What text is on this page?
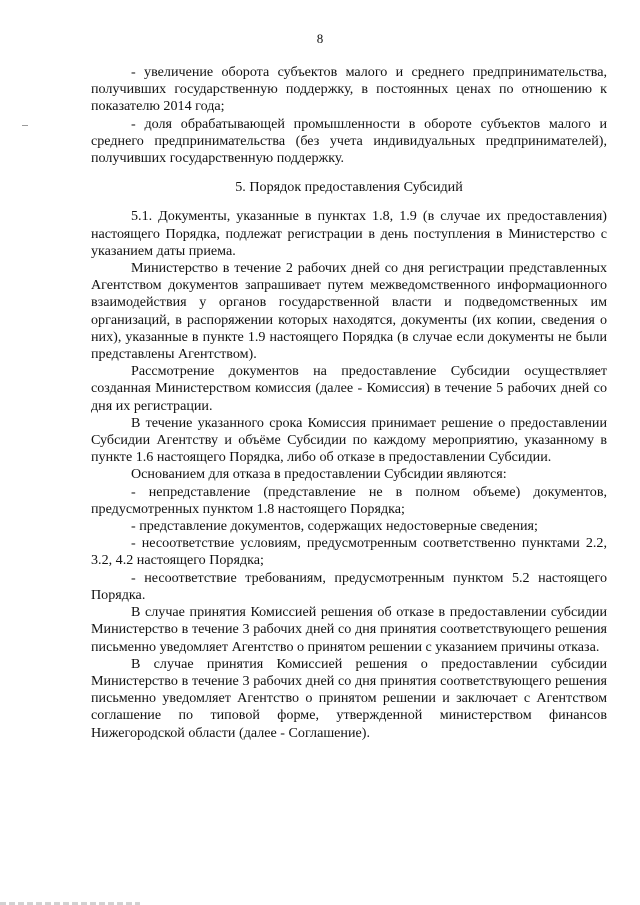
8

- увеличение оборота субъектов малого и среднего предпринимательства, получивших государственную поддержку, в постоянных ценах по отношению к показателю 2014 года;

- доля обрабатывающей промышленности в обороте субъектов малого и среднего предпринимательства (без учета индивидуальных предпринимателей), получивших государственную поддержку.

5. Порядок предоставления Субсидий

5.1. Документы, указанные в пунктах 1.8, 1.9 (в случае их предоставления) настоящего Порядка, подлежат регистрации в день поступления в Министерство с указанием даты приема.

Министерство в течение 2 рабочих дней со дня регистрации представленных Агентством документов запрашивает путем межведомственного информационного взаимодействия у органов государственной власти и подведомственных им организаций, в распоряжении которых находятся, документы (их копии, сведения о них), указанные в пункте 1.9 настоящего Порядка (в случае если документы не были представлены Агентством).

Рассмотрение документов на предоставление Субсидии осуществляет созданная Министерством комиссия (далее - Комиссия) в течение 5 рабочих дней со дня их регистрации.

В течение указанного срока Комиссия принимает решение о предоставлении Субсидии Агентству и объёме Субсидии по каждому мероприятию, указанному в пункте 1.6 настоящего Порядка, либо об отказе в предоставлении Субсидии.

Основанием для отказа в предоставлении Субсидии являются:

- непредставление (представление не в полном объеме) документов, предусмотренных пунктом 1.8 настоящего Порядка;

- представление документов, содержащих недостоверные сведения;

- несоответствие условиям, предусмотренным соответственно пунктами 2.2, 3.2, 4.2 настоящего Порядка;

- несоответствие требованиям, предусмотренным пунктом 5.2 настоящего Порядка.

В случае принятия Комиссией решения об отказе в предоставлении субсидии Министерство в течение 3 рабочих дней со дня принятия соответствующего решения письменно уведомляет Агентство о принятом решении с указанием причины отказа.

В случае принятия Комиссией решения о предоставлении субсидии Министерство в течение 3 рабочих дней со дня принятия соответствующего решения письменно уведомляет Агентство о принятом решении и заключает с Агентством соглашение по типовой форме, утвержденной министерством финансов Нижегородской области (далее - Соглашение).
